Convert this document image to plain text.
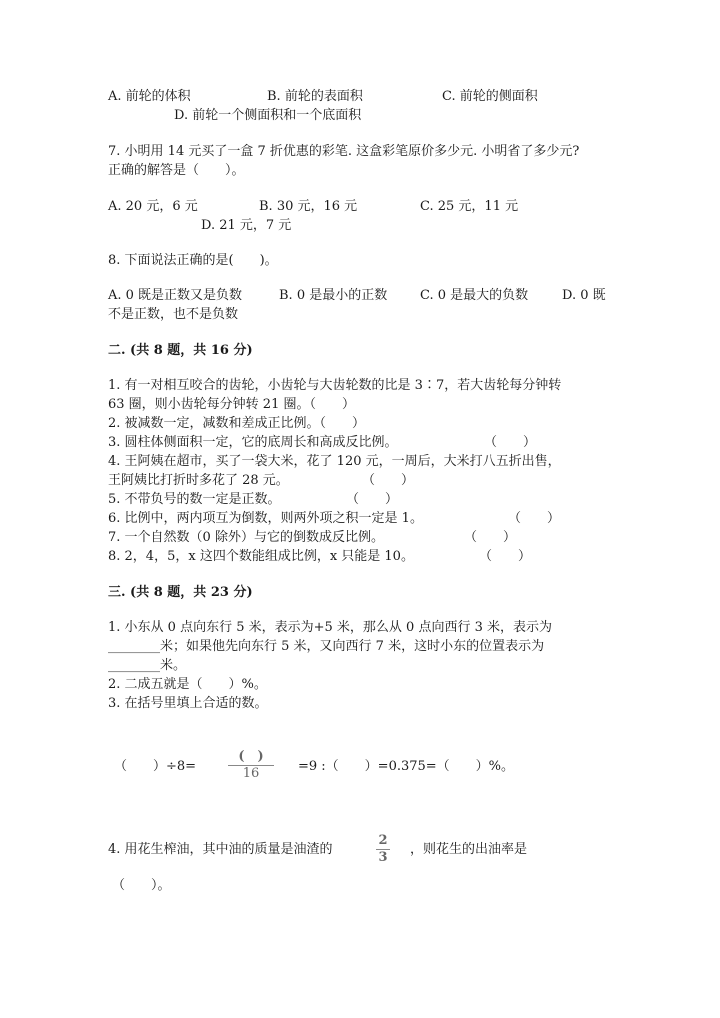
A. 前轮的体积	B. 前轮的表面积	C. 前轮的侧面积
D. 前轮一个侧面积和一个底面积
7. 小明用 14 元买了一盒 7 折优惠的彩笔. 这盒彩笔原价多少元. 小明省了多少元?
正确的解答是（　　）。
A. 20 元，6 元	B. 30 元，16 元	C. 25 元，11 元
D. 21 元，7 元
8. 下面说法正确的是(　　)。
A. 0 既是正数又是负数	B. 0 是最小的正数	C. 0 是最大的负数	D. 0 既
不是正数，也不是负数
二. (共 8 题，共 16 分)
1. 有一对相互咬合的齿轮，小齿轮与大齿轮数的比是 3∶7，若大齿轮每分钟转
63 圈，则小齿轮每分钟转 21 圈。（　　）
2. 被减数一定，减数和差成正比例。（　　）
3. 圆柱体侧面积一定，它的底周长和高成反比例。	（　　）
4. 王阿姨在超市，买了一袋大米，花了 120 元，一周后，大米打八五折出售，
王阿姨比打折时多花了 28 元。	（　　）
5. 不带负号的数一定是正数。	（　　）
6. 比例中，两内项互为倒数，则两外项之积一定是 1。	（　　）
7. 一个自然数（0 除外）与它的倒数成反比例。	（　　）
8. 2，4，5，x 这四个数能组成比例，x 只能是 10。	（　　）
三. (共 8 题，共 23 分)
1. 小东从 0 点向东行 5 米，表示为+5 米，那么从 0 点向西行 3 米，表示为
________米；如果他先向东行 5 米，又向西行 7 米，这时小东的位置表示为
________米。
2. 二成五就是（　　）%。
3. 在括号里填上合适的数。
（　　）÷8=
(　)
16	=9 :（　　）=0.375=（　　）%。
4. 用花生榨油，其中油的质量是油渣的
2
3
，则花生的出油率是
（　　）。
